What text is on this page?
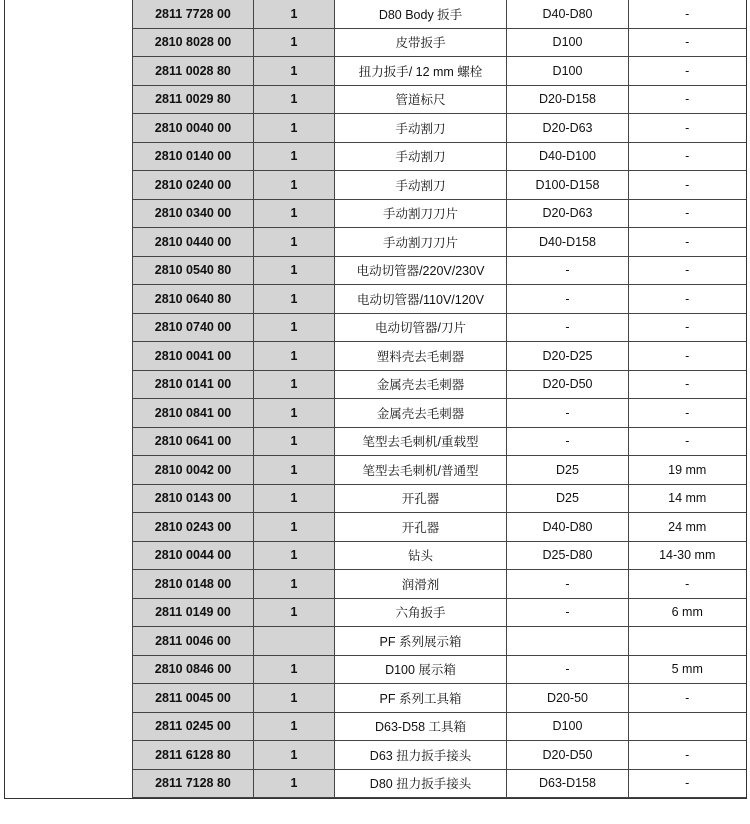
2811 7728 00	1	D80 Body 扳手	D40-D80	-
2810 8028 00	1	皮带扳手	D100	-
2811 0028 80	1	扭力扳手/ 12 mm 螺栓	D100	-
2811 0029 80	1	管道标尺	D20-D158	-
2810 0040 00	1	手动割刀	D20-D63	-
2810 0140 00	1	手动割刀	D40-D100	-
2810 0240 00	1	手动割刀	D100-D158	-
2810 0340 00	1	手动割刀刀片	D20-D63	-
2810 0440 00	1	手动割刀刀片	D40-D158	-
2810 0540 80	1	电动切管器/220V/230V	-	-
2810 0640 80	1	电动切管器/110V/120V	-	-
2810 0740 00	1	电动切管器/刀片	-	-
2810 0041 00	1	塑料壳去毛刺器	D20-D25	-
2810 0141 00	1	金属壳去毛刺器	D20-D50	-
2810 0841 00	1	金属壳去毛刺器	-	-
2810 0641 00	1	笔型去毛刺机/重载型	-	-
2810 0042 00	1	笔型去毛刺机/普通型	D25	19 mm
2810 0143 00	1	开孔器	D25	14 mm
2810 0243 00	1	开孔器	D40-D80	24 mm
2810 0044 00	1	钻头	D25-D80	14-30 mm
2810 0148 00	1	润滑剂	-	-
2811 0149 00	1	六角扳手	-	6 mm
2811 0046 00		PF 系列展示箱		
2810 0846 00	1	D100 展示箱	-	5 mm
2811 0045 00	1	PF 系列工具箱	D20-50	-
2811 0245 00	1	D63-D58 工具箱	D100	
2811 6128 80	1	D63 扭力扳手接头	D20-D50	-
2811 7128 80	1	D80 扭力扳手接头	D63-D158	-
